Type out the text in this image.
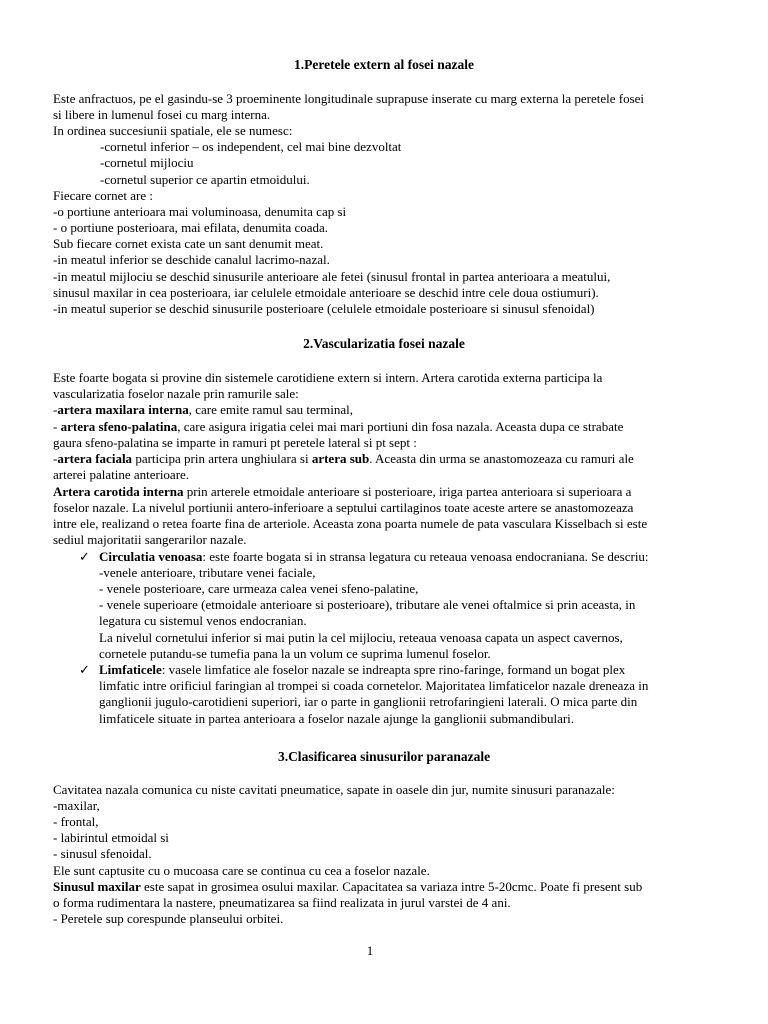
1.Peretele extern al fosei nazale
Este anfractuos, pe el gasindu-se 3 proeminente longitudinale suprapuse inserate cu marg externa la peretele fosei
si libere in lumenul fosei cu marg interna.
In ordinea succesiunii spatiale, ele se numesc:
-cornetul inferior – os independent, cel mai bine dezvoltat
-cornetul mijlociu
-cornetul superior ce apartin etmoidului.
Fiecare cornet are :
-o portiune anterioara mai voluminoasa, denumita cap si
- o portiune posterioara, mai efilata, denumita coada.
Sub fiecare cornet exista cate un sant denumit meat.
-in meatul inferior se deschide canalul lacrimo-nazal.
-in meatul mijlociu se deschid sinusurile anterioare ale fetei (sinusul frontal in partea anterioara a meatului,
sinusul maxilar in cea posterioara, iar celulele etmoidale anterioare se deschid intre cele doua ostiumuri).
-in meatul superior se deschid sinusurile posterioare (celulele etmoidale posterioare si sinusul sfenoidal)
2.Vascularizatia fosei nazale
Este foarte bogata si provine din sistemele carotidiene extern si intern. Artera carotida externa participa la
vascularizatia foselor nazale prin ramurile sale:
-artera maxilara interna, care emite ramul sau terminal,
- artera sfeno-palatina, care asigura irigatia celei mai mari portiuni din fosa nazala. Aceasta dupa ce strabate
gaura sfeno-palatina se imparte in ramuri pt peretele lateral si pt sept :
-artera faciala participa prin artera unghiulara si artera sub. Aceasta din urma se anastomozeaza cu ramuri ale
arterei palatine anterioare.
Artera carotida interna prin arterele etmoidale anterioare si posterioare, iriga partea anterioara si superioara a
foselor nazale. La nivelul portiunii antero-inferioare a septului cartilaginos toate aceste artere se anastomozeaza
intre ele, realizand o retea foarte fina de arteriole. Aceasta zona poarta numele de pata vasculara Kisselbach si este
sediul majoritatii sangerarilor nazale.
✓ Circulatia venoasa: este foarte bogata si in stransa legatura cu reteaua venoasa endocraniana. Se descriu:
-venele anterioare, tributare venei faciale,
- venele posterioare, care urmeaza calea venei sfeno-palatine,
- venele superioare (etmoidale anterioare si posterioare), tributare ale venei oftalmice si prin aceasta, in
legatura cu sistemul venos endocranian.
La nivelul cornetului inferior si mai putin la cel mijlociu, reteaua venoasa capata un aspect cavernos,
cornetele putandu-se tumefia pana la un volum ce suprima lumenul foselor.
✓ Limfaticele: vasele limfatice ale foselor nazale se indreapta spre rino-faringe, formand un bogat plex
limfatic intre orificiul faringian al trompei si coada cornetelor. Majoritatea limfaticelor nazale dreneaza in
ganglionii jugulo-carotidieni superiori, iar o parte in ganglionii retrofaringieni laterali. O mica parte din
limfaticele situate in partea anterioara a foselor nazale ajunge la ganglionii submandibulari.
3.Clasificarea sinusurilor paranazale
Cavitatea nazala comunica cu niste cavitati pneumatice, sapate in oasele din jur, numite sinusuri paranazale:
-maxilar,
- frontal,
- labirintul etmoidal si
- sinusul sfenoidal.
Ele sunt captusite cu o mucoasa care se continua cu cea a foselor nazale.
Sinusul maxilar este sapat in grosimea osului maxilar. Capacitatea sa variaza intre 5-20cmc. Poate fi present sub
o forma rudimentara la nastere, pneumatizarea sa fiind realizata in jurul varstei de 4 ani.
- Peretele sup corespunde planseului orbitei.
1
